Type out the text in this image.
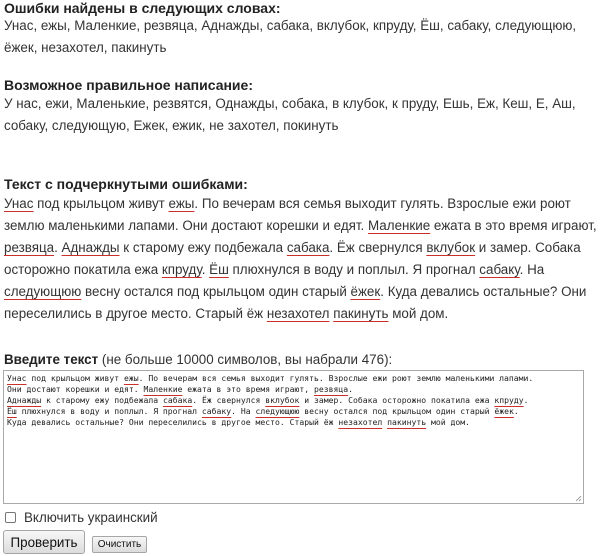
Ошибки найдены в следующих словах:
Унас, ежы, Маленкие, резвяца, Аднажды, сабака, вклубок, кпруду, Ёш, сабаку, следующюю, ёжек, незахотел, пакинуть
Возможное правильное написание:
У нас, ежи, Маленькие, резвятся, Однажды, собака, в клубок, к пруду, Ешь, Еж, Кеш, Е, Аш, собаку, следующую, Ежек, ежик, не захотел, покинуть
Текст с подчеркнутыми ошибками:
Унас под крыльцом живут ежы. По вечерам вся семья выходит гулять. Взрослые ежи роют землю маленькими лапами. Они достают корешки и едят. Маленкие ежата в это время играют, резвяца. Аднажды к старому ежу подбежала сабака. Ёж свернулся вклубок и замер. Собака осторожно покатила ежа кпруду. Ёш плюхнулся в воду и поплыл. Я прогнал сабаку. На следующюю весну остался под крыльцом один старый ёжек. Куда девались остальные? Они переселились в другое место. Старый ёж незахотел пакинуть мой дом.
Введите текст (не больше 10000 символов, вы набрали 476):
Унас под крыльцом живут ежы. По вечерам вся семья выходит гулять. Взрослые ежи роют землю маленькими лапами.
Они достают корешки и едят. Маленкие ежата в это время играют, резвяца.
Аднажды к старому ежу подбежала сабака. Ёж свернулся вклубок и замер. Собака осторожно покатила ежа кпруду.
Ёш плюхнулся в воду и поплыл. Я прогнал сабаку. На следующюю весну остался под крыльцом один старый ёжек.
Куда девались остальные? Они переселились в другое место. Старый ёж незахотел пакинуть мой дом.
Включить украинский
Проверить	Очистить
